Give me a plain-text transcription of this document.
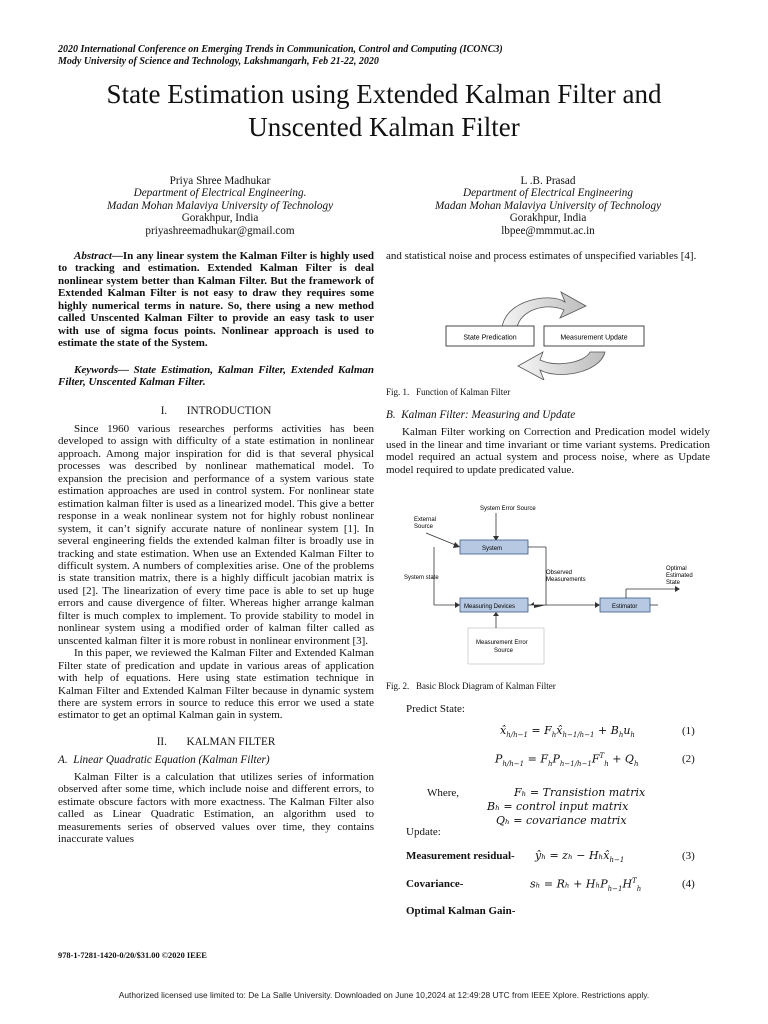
2020 International Conference on Emerging Trends in Communication, Control and Computing (ICONC3)
Mody University of Science and Technology, Lakshmangarh, Feb 21-22, 2020
State Estimation using Extended Kalman Filter and
Unscented Kalman Filter
Priya Shree Madhukar
Department of Electrical Engineering.
Madan Mohan Malaviya University of Technology
Gorakhpur, India
priyashreemadhukar@gmail.com
L .B. Prasad
Department of Electrical Engineering
Madan Mohan Malaviya University of Technology
Gorakhpur, India
lbpee@mmmut.ac.in

Abstract—In any linear system the Kalman Filter is highly used to tracking and estimation. Extended Kalman Filter is deal nonlinear system better than Kalman Filter. But the framework of Extended Kalman Filter is not easy to draw they requires some highly numerical terms in nature. So, there using a new method called Unscented Kalman Filter to provide an easy task to user with use of sigma focus points. Nonlinear approach is used to estimate the state of the System.

Keywords— State Estimation, Kalman Filter, Extended Kalman Filter, Unscented Kalman Filter.

I.       INTRODUCTION

Since 1960 various researches performs activities has been developed to assign with difficulty of a state estimation in nonlinear approach. Among major inspiration for did is that several physical processes was described by nonlinear mathematical model. To expansion the precision and performance of a system various state estimation approaches are used in control system. For nonlinear state estimation kalman filter is used as a linearized model. This give a better response in a weak nonlinear system not for highly robust nonlinear system, it can’t signify accurate nature of nonlinear system [1]. In several engineering fields the extended kalman filter is broadly use in tracking and state estimation. When use an Extended Kalman Filter to difficult system. A numbers of complexities arise. One of the problems is state transition matrix, there is a highly difficult jacobian matrix is used [2]. The linearization of every time pace is able to set up huge errors and cause divergence of filter. Whereas higher arrange kalman filter is much complex to implement. To provide stability to model in nonlinear system using a modified order of kalman filter called as unscented kalman filter it is more robust in nonlinear environment [3].

In this paper, we reviewed the Kalman Filter and Extended Kalman Filter state of predication and update in various areas of application with help of equations. Here using state estimation technique in Kalman Filter and Extended Kalman Filter because in dynamic system there are system errors in source to reduce this error we used a state estimator to get an optimal Kalman gain in system.

II.       KALMAN FILTER
A.  Linear Quadratic Equation (Kalman Filter)

Kalman Filter is a calculation that utilizes series of information observed after some time, which include noise and different errors, to estimate obscure factors with more exactness. The Kalman Filter also called as Linear Quadratic Estimation, an algorithm used to measurements series of observed values over time, they contains inaccurate values

and statistical noise and process estimates of unspecified variables [4].

State Predication	Measurement Update
Fig. 1.   Function of Kalman Filter
B.  Kalman Filter: Measuring and Update

Kalman Filter working on Correction and Predication model widely used in the linear and time invariant or time variant systems. Predication model required an actual system and process noise, where as Update model required to update predicated value.

System Error Source
External
Source
System
System state
Measuring Devices
Observed
Measurements
Estimator
Optimal
Estimated
State
Measurement Error
Source
Fig. 2.   Basic Block Diagram of Kalman Filter
Predict State:
$x̂_{h/h-1}$ = $F_hx̂_{h-1/h-1} + B_hu_h$	(1)
$P_{h/h-1} = F_hP_{h-1/h-1}F^T_h + Q_h$	(2)
Where,	Fₕ = Transistion matrix
Bₕ = control input matrix
Qₕ = covariance matrix
Update:
Measurement residual- ŷₕ = $z_h - H_hx̂_{h-1}$	(3)
Covariance-	$s_h = R_h + H_hP_{h-1}H^T_h$	(4)
Optimal Kalman Gain-
978-1-7281-1420-0/20/$31.00 ©2020 IEEE
Authorized licensed use limited to: De La Salle University. Downloaded on June 10,2024 at 12:49:28 UTC from IEEE Xplore. Restrictions apply.
